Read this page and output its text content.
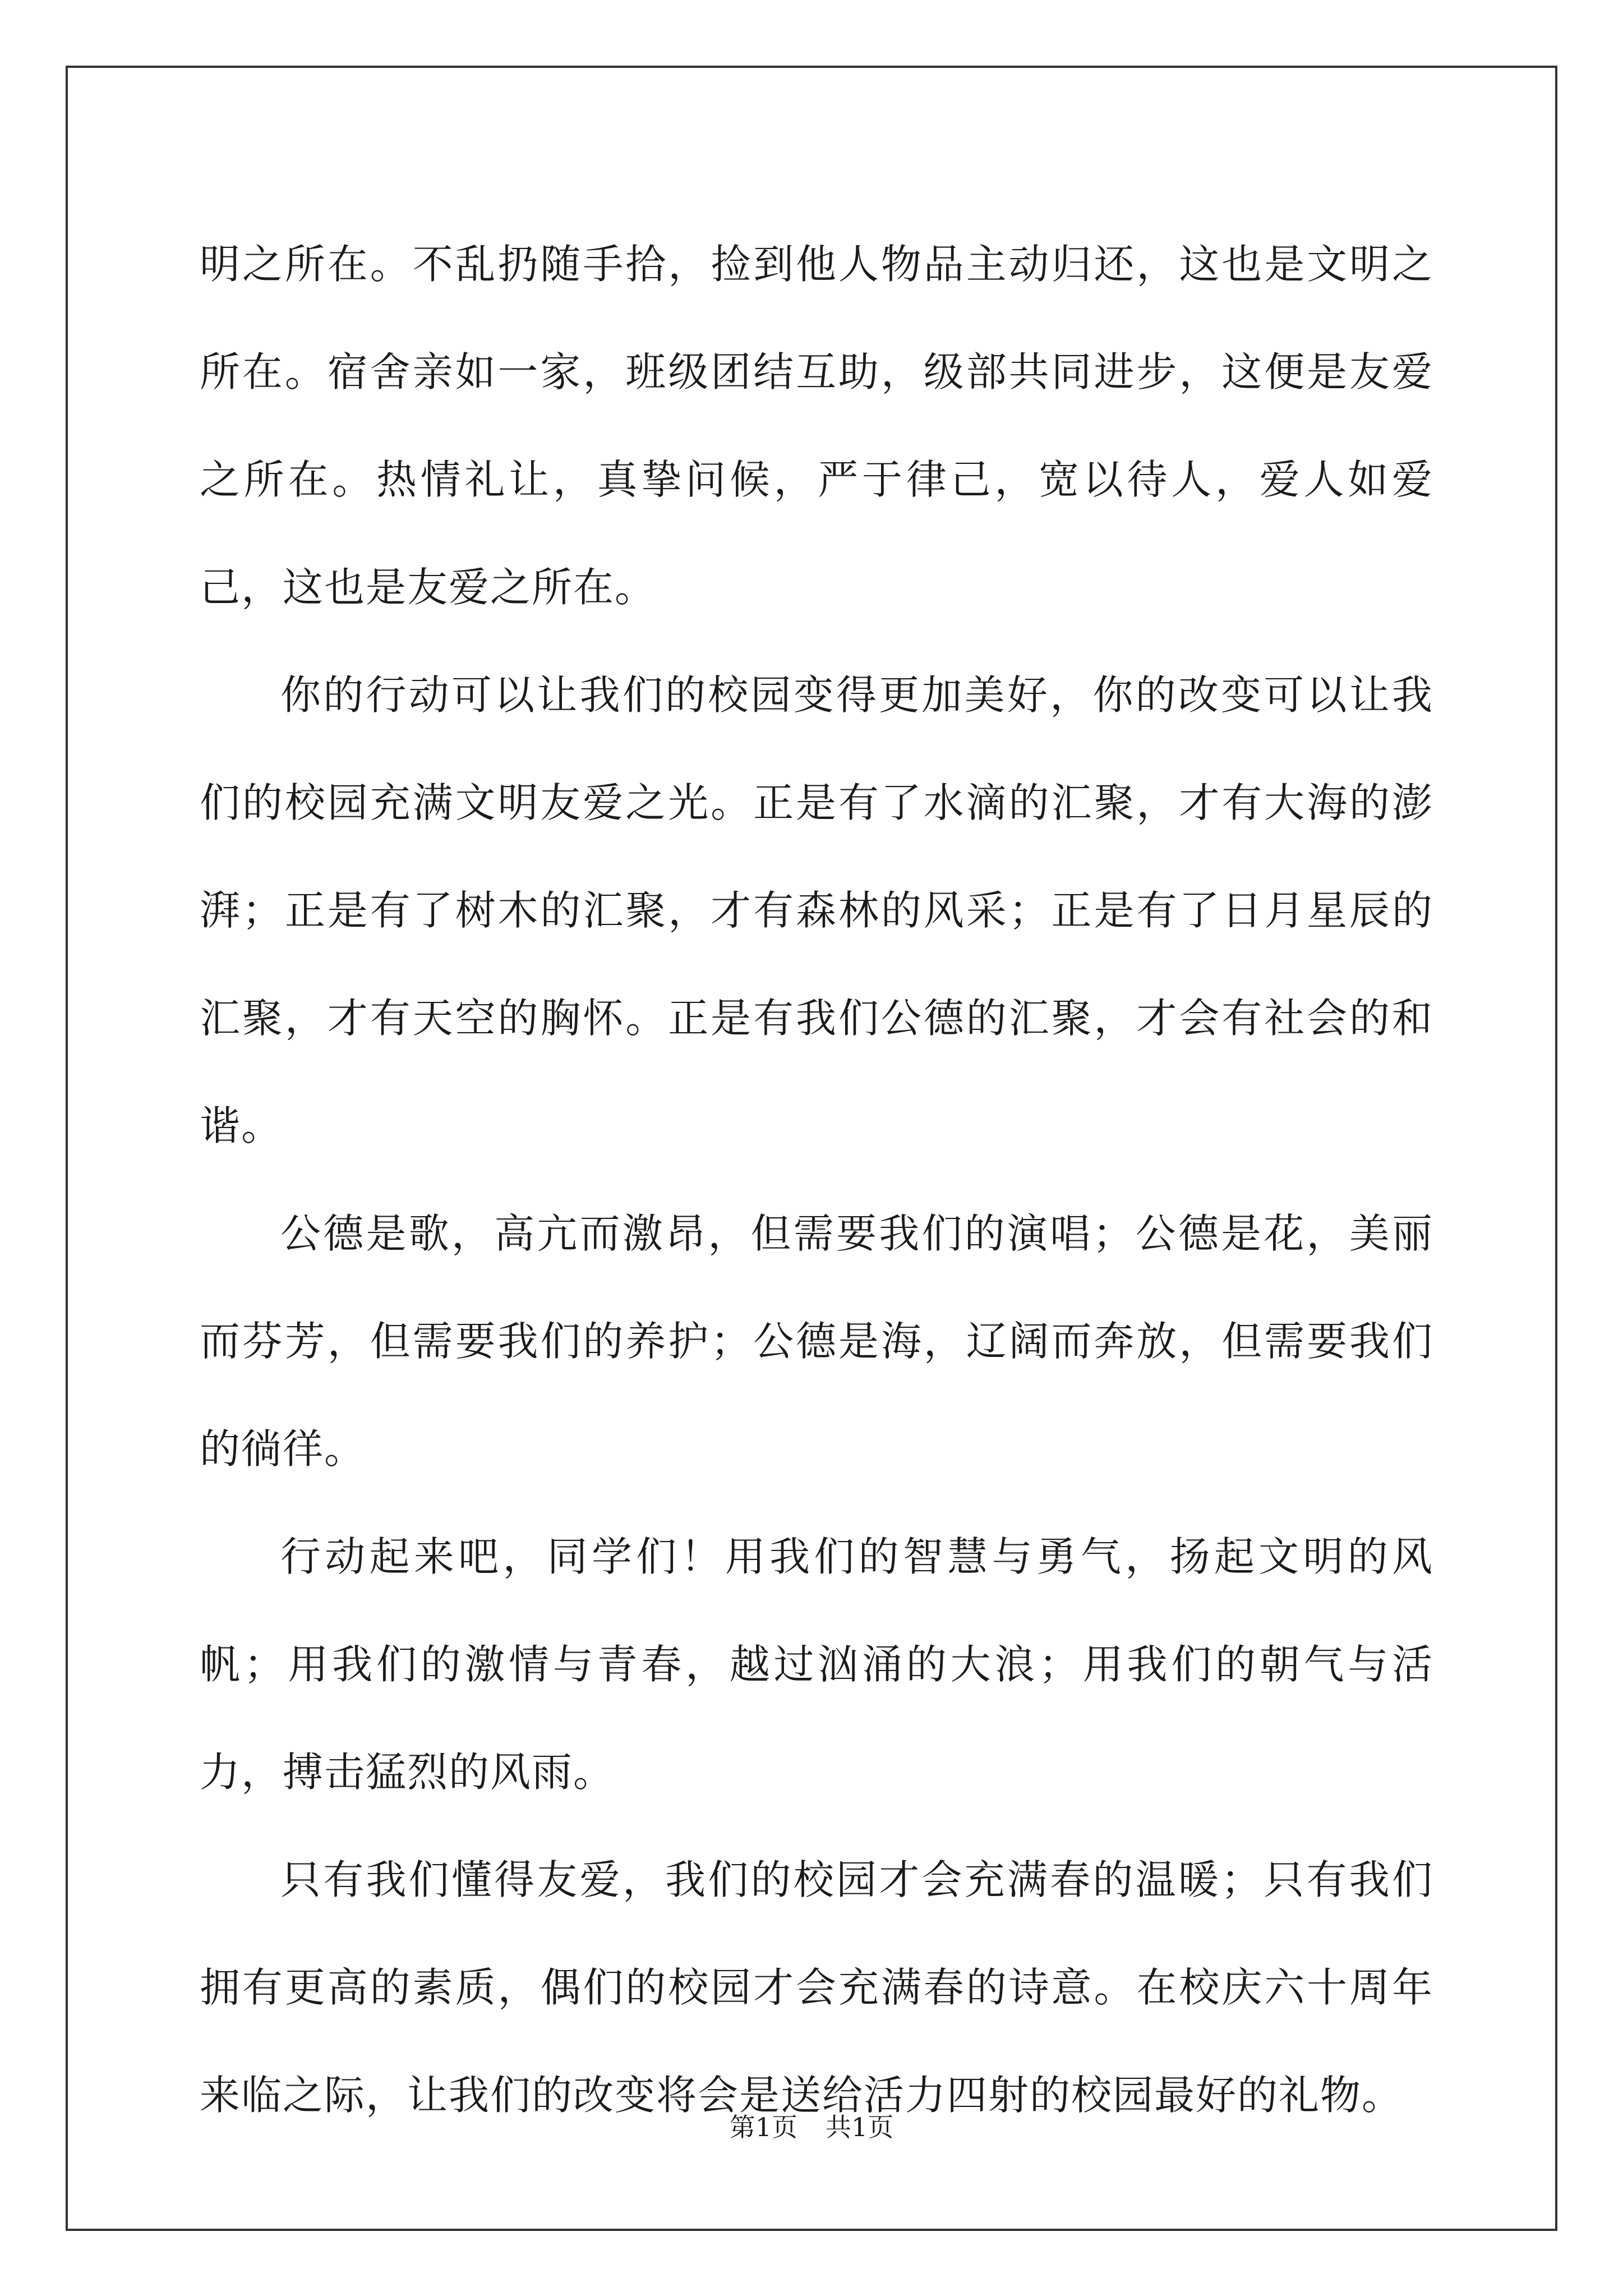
明之所在。不乱扔随手拾，捡到他人物品主动归还，这也是文明之所在。宿舍亲如一家，班级团结互助，级部共同进步，这便是友爱之所在。热情礼让，真挚问候，严于律己，宽以待人，爱人如爱己，这也是友爱之所在。

你的行动可以让我们的校园变得更加美好，你的改变可以让我们的校园充满文明友爱之光。正是有了水滴的汇聚，才有大海的澎湃；正是有了树木的汇聚，才有森林的风采；正是有了日月星辰的汇聚，才有天空的胸怀。正是有我们公德的汇聚，才会有社会的和谐。

公德是歌，高亢而激昂，但需要我们的演唱；公德是花，美丽而芬芳，但需要我们的养护；公德是海，辽阔而奔放，但需要我们的徜徉。

行动起来吧，同学们！用我们的智慧与勇气，扬起文明的风帆；用我们的激情与青春，越过汹涌的大浪；用我们的朝气与活力，搏击猛烈的风雨。

只有我们懂得友爱，我们的校园才会充满春的温暖；只有我们拥有更高的素质，偶们的校园才会充满春的诗意。在校庆六十周年来临之际，让我们的改变将会是送给活力四射的校园最好的礼物。

第1页 共1页
